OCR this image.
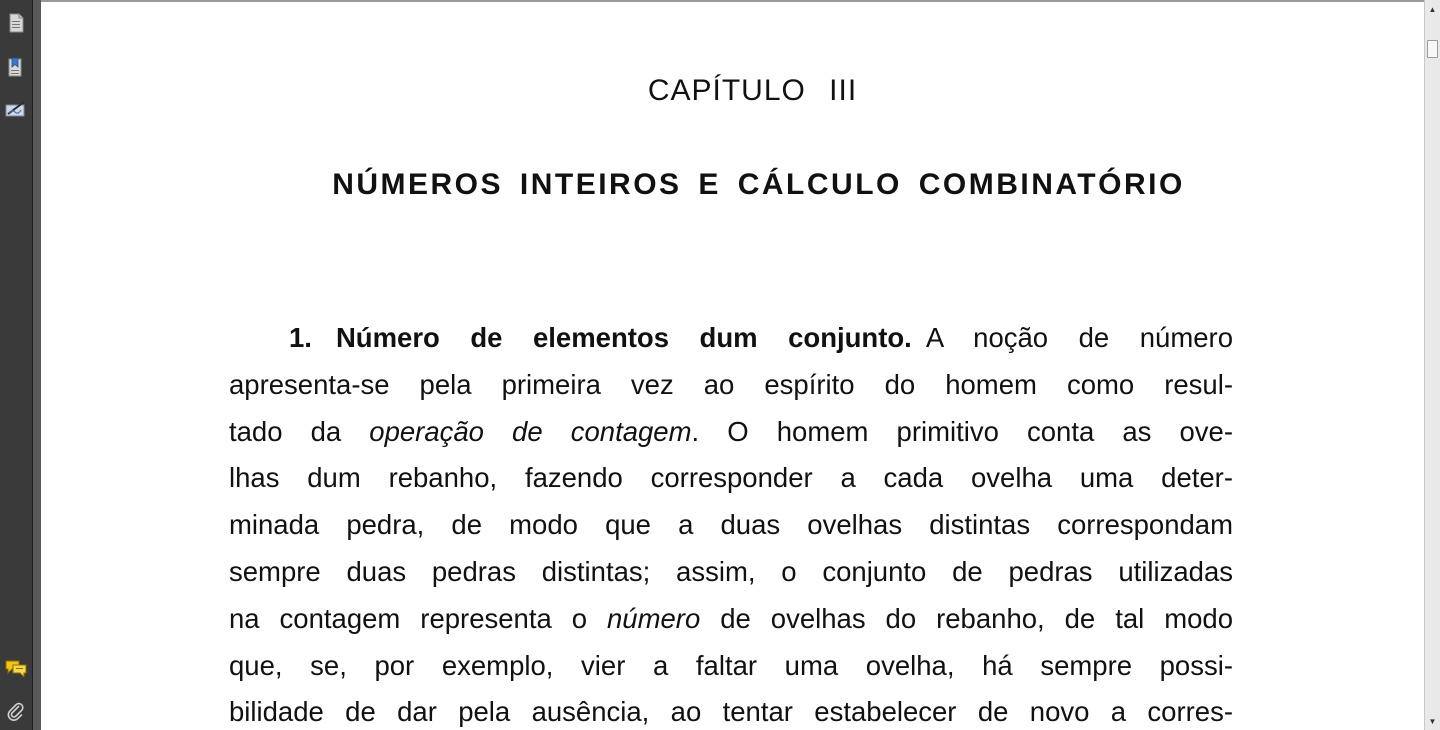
CAPÍTULO III
NÚMEROS INTEIROS E CÁLCULO COMBINATÓRIO
1. Número de elementos dum conjunto. A noção de número
apresenta-se pela primeira vez ao espírito do homem como resul-
tado da operação de contagem. O homem primitivo conta as ove-
lhas dum rebanho, fazendo corresponder a cada ovelha uma deter-
minada pedra, de modo que a duas ovelhas distintas correspondam
sempre duas pedras distintas; assim, o conjunto de pedras utilizadas
na contagem representa o número de ovelhas do rebanho, de tal modo
que, se, por exemplo, vier a faltar uma ovelha, há sempre possi-
bilidade de dar pela ausência, ao tentar estabelecer de novo a corres-
▲
▼
